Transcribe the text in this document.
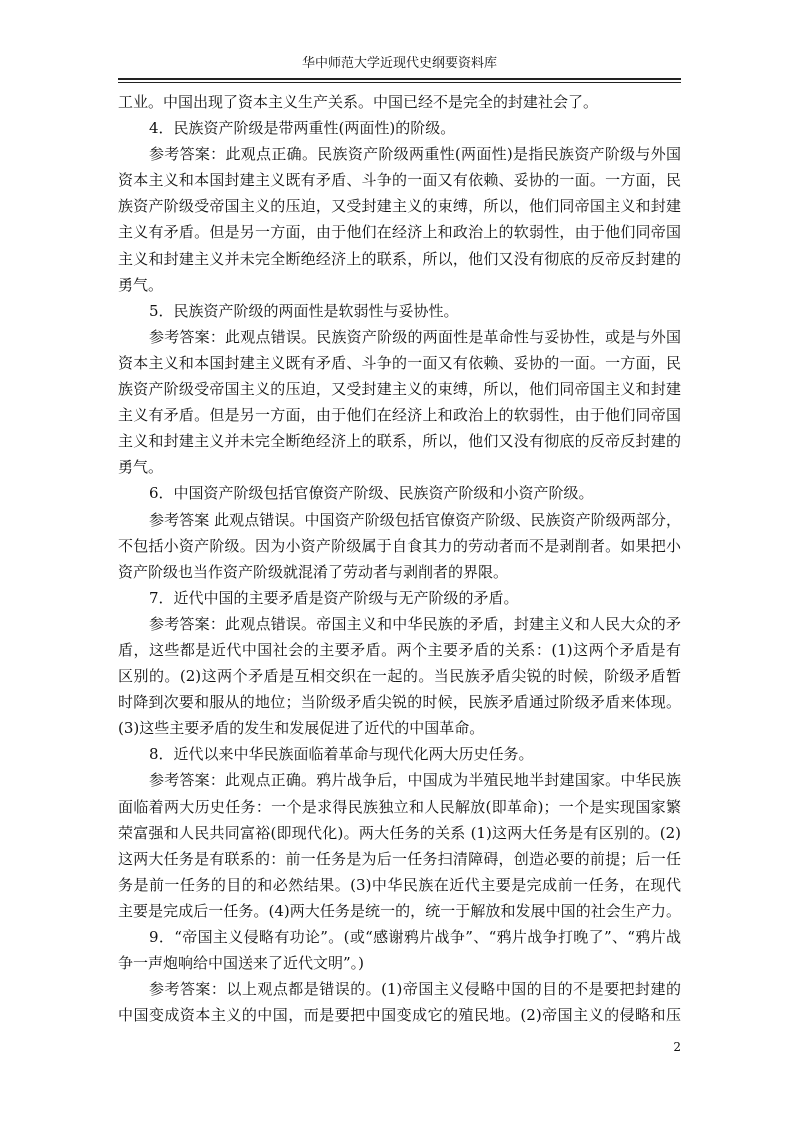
华中师范大学近现代史纲要资料库
工业。中国出现了资本主义生产关系。中国已经不是完全的封建社会了。
4．民族资产阶级是带两重性(两面性)的阶级。
参考答案：此观点正确。民族资产阶级两重性(两面性)是指民族资产阶级与外国
资本主义和本国封建主义既有矛盾、斗争的一面又有依赖、妥协的一面。一方面，民
族资产阶级受帝国主义的压迫，又受封建主义的束缚，所以，他们同帝国主义和封建
主义有矛盾。但是另一方面，由于他们在经济上和政治上的软弱性，由于他们同帝国
主义和封建主义并未完全断绝经济上的联系，所以，他们又没有彻底的反帝反封建的
勇气。
5．民族资产阶级的两面性是软弱性与妥协性。
参考答案：此观点错误。民族资产阶级的两面性是革命性与妥协性，或是与外国
资本主义和本国封建主义既有矛盾、斗争的一面又有依赖、妥协的一面。一方面，民
族资产阶级受帝国主义的压迫，又受封建主义的束缚，所以，他们同帝国主义和封建
主义有矛盾。但是另一方面，由于他们在经济上和政治上的软弱性，由于他们同帝国
主义和封建主义并未完全断绝经济上的联系，所以，他们又没有彻底的反帝反封建的
勇气。
6．中国资产阶级包括官僚资产阶级、民族资产阶级和小资产阶级。
参考答案 此观点错误。中国资产阶级包括官僚资产阶级、民族资产阶级两部分，
不包括小资产阶级。因为小资产阶级属于自食其力的劳动者而不是剥削者。如果把小
资产阶级也当作资产阶级就混淆了劳动者与剥削者的界限。
7．近代中国的主要矛盾是资产阶级与无产阶级的矛盾。
参考答案：此观点错误。帝国主义和中华民族的矛盾，封建主义和人民大众的矛
盾，这些都是近代中国社会的主要矛盾。两个主要矛盾的关系：(1)这两个矛盾是有
区别的。(2)这两个矛盾是互相交织在一起的。当民族矛盾尖锐的时候，阶级矛盾暂
时降到次要和服从的地位；当阶级矛盾尖锐的时候，民族矛盾通过阶级矛盾来体现。
(3)这些主要矛盾的发生和发展促进了近代的中国革命。
8．近代以来中华民族面临着革命与现代化两大历史任务。
参考答案：此观点正确。鸦片战争后，中国成为半殖民地半封建国家。中华民族
面临着两大历史任务：一个是求得民族独立和人民解放(即革命)；一个是实现国家繁
荣富强和人民共同富裕(即现代化)。两大任务的关系 (1)这两大任务是有区别的。(2)
这两大任务是有联系的：前一任务是为后一任务扫清障碍，创造必要的前提；后一任
务是前一任务的目的和必然结果。(3)中华民族在近代主要是完成前一任务，在现代
主要是完成后一任务。(4)两大任务是统一的，统一于解放和发展中国的社会生产力。
9．“帝国主义侵略有功论”。(或“感谢鸦片战争”、“鸦片战争打晚了”、“鸦片战
争一声炮响给中国送来了近代文明”。)
参考答案：以上观点都是错误的。(1)帝国主义侵略中国的目的不是要把封建的
中国变成资本主义的中国，而是要把中国变成它的殖民地。(2)帝国主义的侵略和压
2
